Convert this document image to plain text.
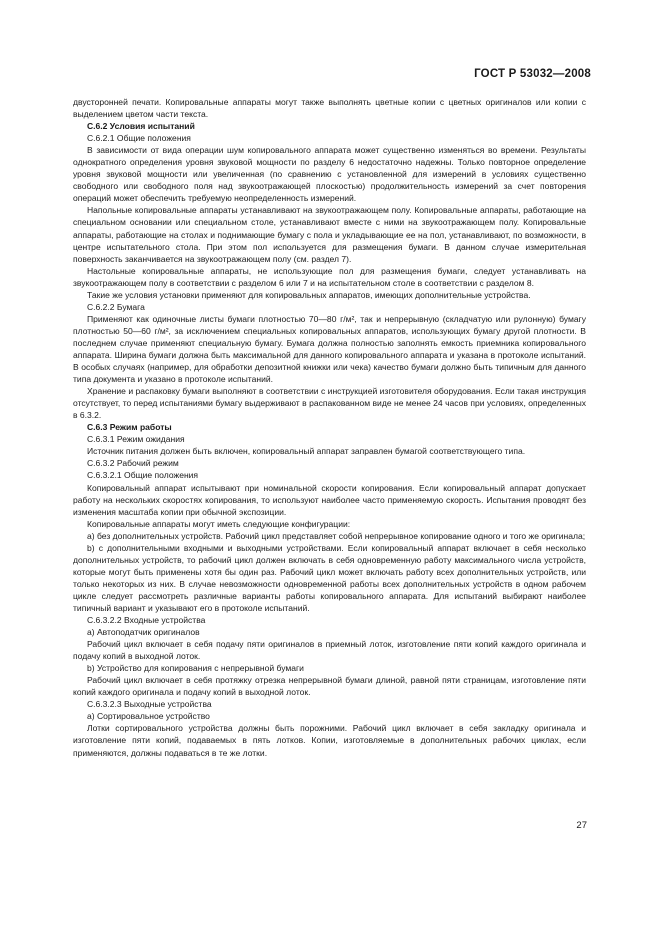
ГОСТ Р 53032—2008

двусторонней печати. Копировальные аппараты могут также выполнять цветные копии с цветных оригиналов или копии с выделением цветом части текста.

С.6.2 Условия испытаний

С.6.2.1 Общие положения

В зависимости от вида операции шум копировального аппарата может существенно изменяться во времени. Результаты однократного определения уровня звуковой мощности по разделу 6 недостаточно надежны. Только повторное определение уровня звуковой мощности или увеличенная (по сравнению с установленной для измерений в условиях существенно свободного или свободного поля над звукоотражающей плоскостью) продолжительность измерений за счет повторения операций может обеспечить требуемую неопределенность измерений.

Напольные копировальные аппараты устанавливают на звукоотражающем полу. Копировальные аппараты, работающие на специальном основании или специальном столе, устанавливают вместе с ними на звукоотражающем полу. Копировальные аппараты, работающие на столах и поднимающие бумагу с пола и укладывающие ее на пол, устанавливают, по возможности, в центре испытательного стола. При этом пол используется для размещения бумаги. В данном случае измерительная поверхность заканчивается на звукоотражающем полу (см. раздел 7).

Настольные копировальные аппараты, не использующие пол для размещения бумаги, следует устанавливать на звукоотражающем полу в соответствии с разделом 6 или 7 и на испытательном столе в соответствии с разделом 8.

Такие же условия установки применяют для копировальных аппаратов, имеющих дополнительные устройства.

С.6.2.2 Бумага

Применяют как одиночные листы бумаги плотностью 70—80 г/м², так и непрерывную (складчатую или рулонную) бумагу плотностью 50—60 г/м², за исключением специальных копировальных аппаратов, использующих бумагу другой плотности. В последнем случае применяют специальную бумагу. Бумага должна полностью заполнять емкость приемника копировального аппарата. Ширина бумаги должна быть максимальной для данного копировального аппарата и указана в протоколе испытаний. В особых случаях (например, для обработки депозитной книжки или чека) качество бумаги должно быть типичным для данного типа документа и указано в протоколе испытаний.

Хранение и распаковку бумаги выполняют в соответствии с инструкцией изготовителя оборудования. Если такая инструкция отсутствует, то перед испытаниями бумагу выдерживают в распакованном виде не менее 24 часов при условиях, определенных в 6.3.2.

С.6.3 Режим работы

С.6.3.1 Режим ожидания

Источник питания должен быть включен, копировальный аппарат заправлен бумагой соответствующего типа.

С.6.3.2 Рабочий режим

С.6.3.2.1 Общие положения

Копировальный аппарат испытывают при номинальной скорости копирования. Если копировальный аппарат допускает работу на нескольких скоростях копирования, то используют наиболее часто применяемую скорость. Испытания проводят без изменения масштаба копии при обычной экспозиции.

Копировальные аппараты могут иметь следующие конфигурации:

а) без дополнительных устройств. Рабочий цикл представляет собой непрерывное копирование одного и того же оригинала;

b) с дополнительными входными и выходными устройствами. Если копировальный аппарат включает в себя несколько дополнительных устройств, то рабочий цикл должен включать в себя одновременную работу максимального числа устройств, которые могут быть применены хотя бы один раз. Рабочий цикл может включать работу всех дополнительных устройств, или только некоторых из них. В случае невозможности одновременной работы всех дополнительных устройств в одном рабочем цикле следует рассмотреть различные варианты работы копировального аппарата. Для испытаний выбирают наиболее типичный вариант и указывают его в протоколе испытаний.

С.6.3.2.2 Входные устройства

а) Автоподатчик оригиналов

Рабочий цикл включает в себя подачу пяти оригиналов в приемный лоток, изготовление пяти копий каждого оригинала и подачу копий в выходной лоток.

b) Устройство для копирования с непрерывной бумаги

Рабочий цикл включает в себя протяжку отрезка непрерывной бумаги длиной, равной пяти страницам, изготовление пяти копий каждого оригинала и подачу копий в выходной лоток.

С.6.3.2.3 Выходные устройства

а) Сортировальное устройство

Лотки сортировального устройства должны быть порожними. Рабочий цикл включает в себя закладку оригинала и изготовление пяти копий, подаваемых в пять лотков. Копии, изготовляемые в дополнительных рабочих циклах, если применяются, должны подаваться в те же лотки.

27
